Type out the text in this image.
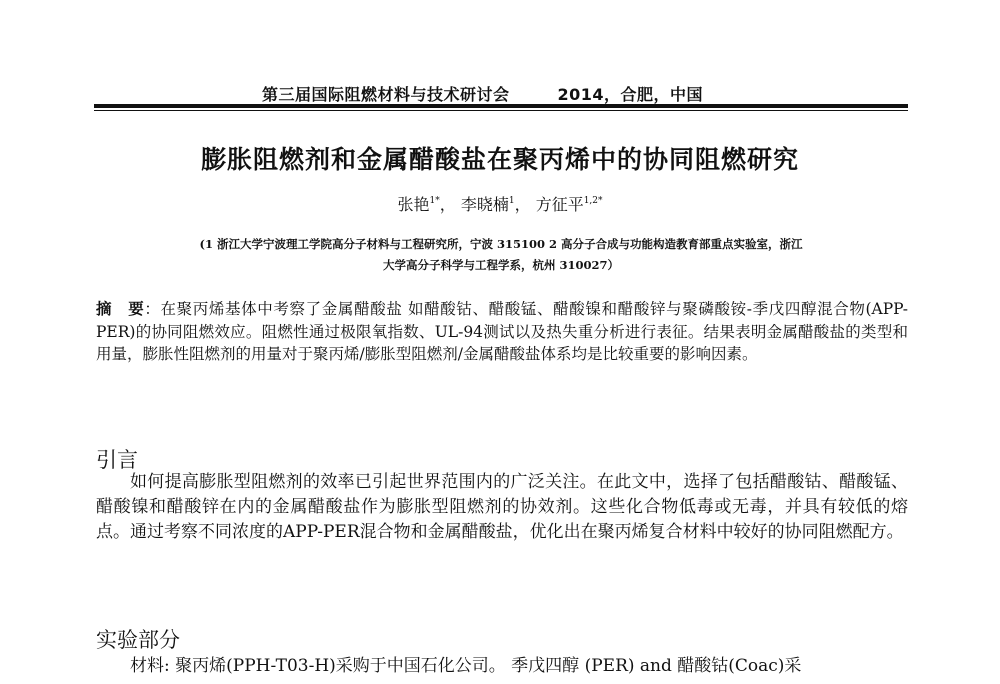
第三届国际阻燃材料与技术研讨会	2014，合肥，中国
膨胀阻燃剂和金属醋酸盐在聚丙烯中的协同阻燃研究
张艳$^{1*}$， 李晓楠$^1$， 方征平$^{1,2*}$
(1 浙江大学宁波理工学院高分子材料与工程研究所，宁波 315100 2 高分子合成与功能构造教育部重点实验室，浙江
大学高分子科学与工程学系，杭州 310027）
摘　要：在聚丙烯基体中考察了金属醋酸盐 如醋酸钴、醋酸锰、醋酸镍和醋酸锌与聚磷酸铵-季戊四醇混合物(APP-PER)的协同阻燃效应。阻燃性通过极限氧指数、UL-94测试以及热失重分析进行表征。结果表明金属醋酸盐的类型和用量，膨胀性阻燃剂的用量对于聚丙烯/膨胀型阻燃剂/金属醋酸盐体系均是比较重要的影响因素。
引言
如何提高膨胀型阻燃剂的效率已引起世界范围内的广泛关注。在此文中，选择了包括醋酸钴、醋酸锰、醋酸镍和醋酸锌在内的金属醋酸盐作为膨胀型阻燃剂的协效剂。这些化合物低毒或无毒，并具有较低的熔点。通过考察不同浓度的APP-PER混合物和金属醋酸盐，优化出在聚丙烯复合材料中较好的协同阻燃配方。
实验部分
材料: 聚丙烯(PPH-T03-H)采购于中国石化公司。 季戊四醇 (PER) and 醋酸钴(Coac)采
